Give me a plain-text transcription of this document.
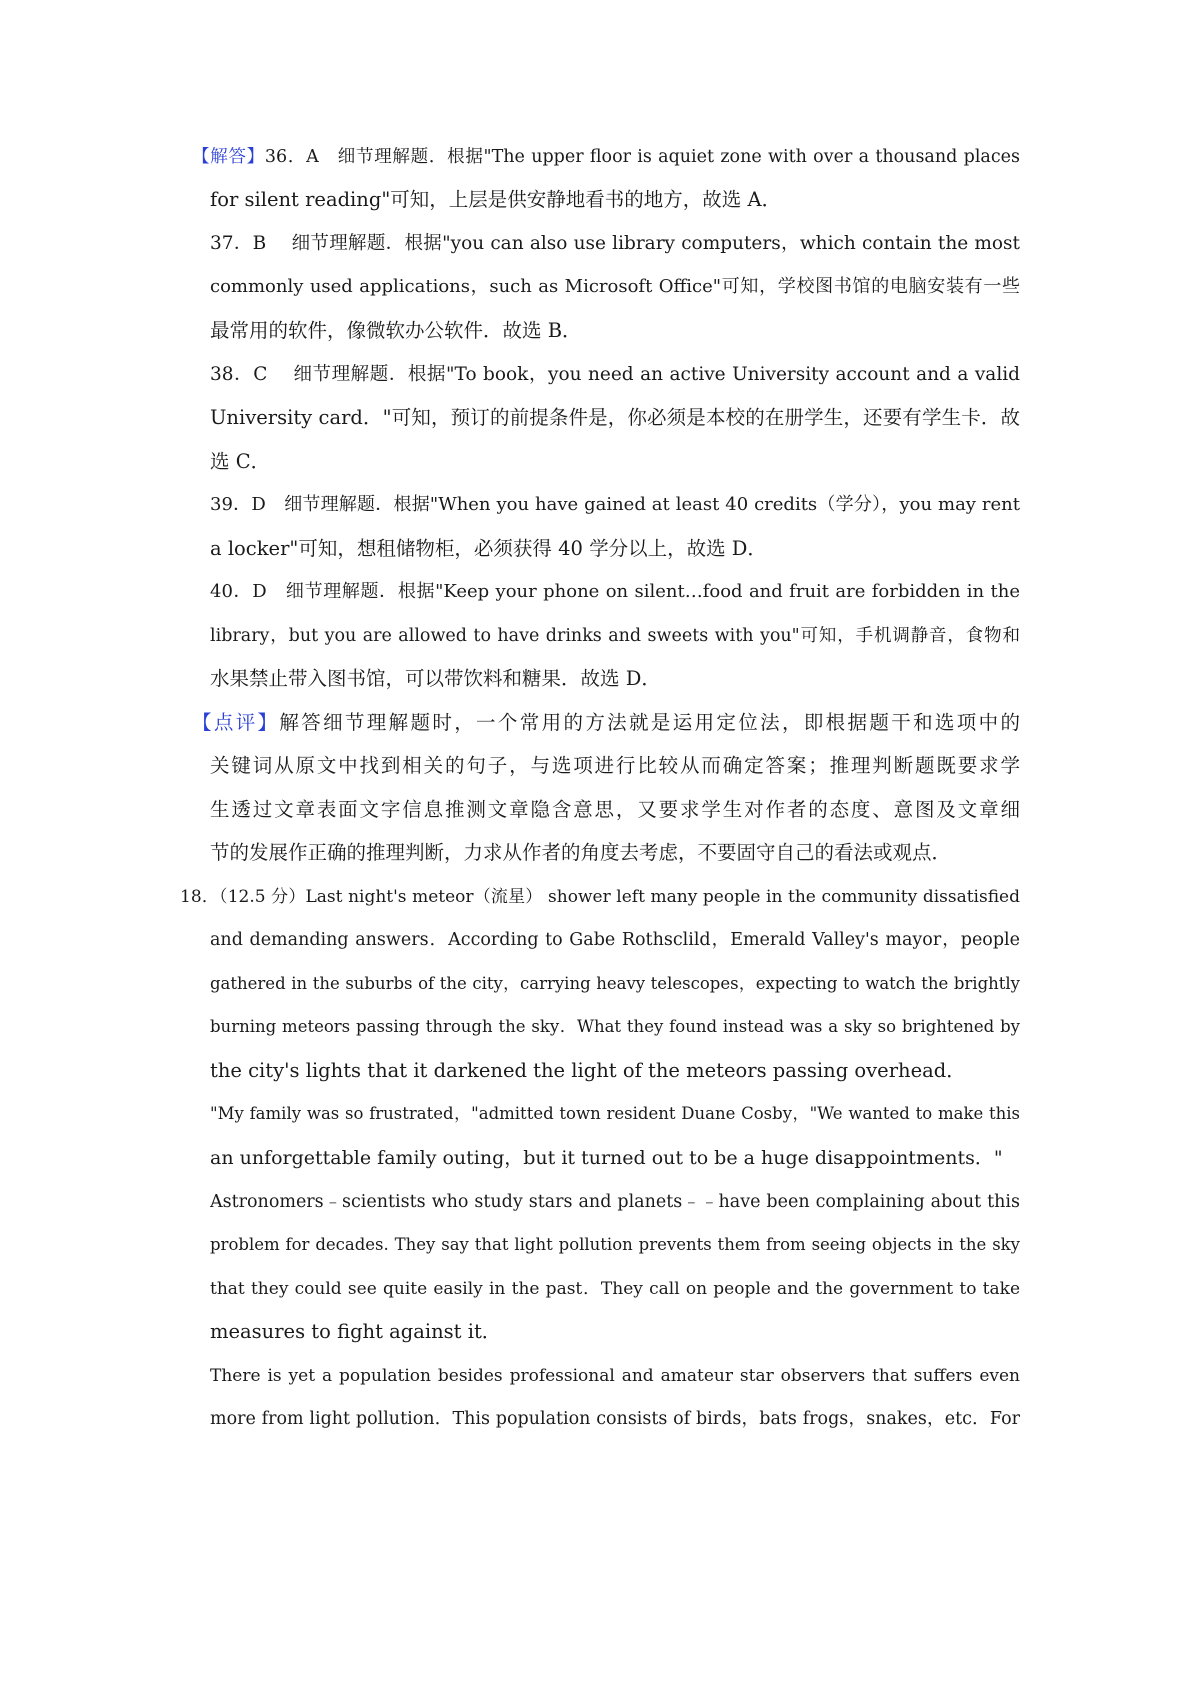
【解答】36．A　细节理解题．根据"The upper floor is aquiet zone with over a thousand places
for silent reading"可知，上层是供安静地看书的地方，故选 A．
37．B　 细节理解题．根据"you can also use library computers，which contain the most
commonly used applications，such as Microsoft Office"可知，学校图书馆的电脑安装有一些
最常用的软件，像微软办公软件．故选 B．
38．C　 细节理解题．根据"To book，you need an active University account and a valid
University card．"可知，预订的前提条件是，你必须是本校的在册学生，还要有学生卡．故
选 C．
39．D　细节理解题．根据"When you have gained at least 40 credits（学分），you may rent
a locker"可知，想租储物柜，必须获得 40 学分以上，故选 D．
40．D　细节理解题．根据"Keep your phone on silent…food and fruit are forbidden in the
library，but you are allowed to have drinks and sweets with you"可知，手机调静音，食物和
水果禁止带入图书馆，可以带饮料和糖果．故选 D．
【点评】解答细节理解题时，一个常用的方法就是运用定位法，即根据题干和选项中的
关键词从原文中找到相关的句子，与选项进行比较从而确定答案；推理判断题既要求学
生透过文章表面文字信息推测文章隐含意思，又要求学生对作者的态度、意图及文章细
节的发展作正确的推理判断，力求从作者的角度去考虑，不要固守自己的看法或观点．
18．（12.5 分）Last night's meteor（流星） shower left many people in the community dissatisfied
and demanding answers．According to Gabe Rothsclild，Emerald Valley's mayor，people
gathered in the suburbs of the city，carrying heavy telescopes，expecting to watch the brightly
burning meteors passing through the sky．What they found instead was a sky so brightened by
the city's lights that it darkened the light of the meteors passing overhead．
"My family was so frustrated，"admitted town resident Duane Cosby，"We wanted to make this
an unforgettable family outing，but it turned out to be a huge disappointments．"
Astronomers﹣scientists who study stars and planets﹣﹣have been complaining about this
problem for decades. They say that light pollution prevents them from seeing objects in the sky
that they could see quite easily in the past．They call on people and the government to take
measures to fight against it．
There is yet a population besides professional and amateur star observers that suffers even
more from light pollution．This population consists of birds，bats frogs，snakes，etc．For
